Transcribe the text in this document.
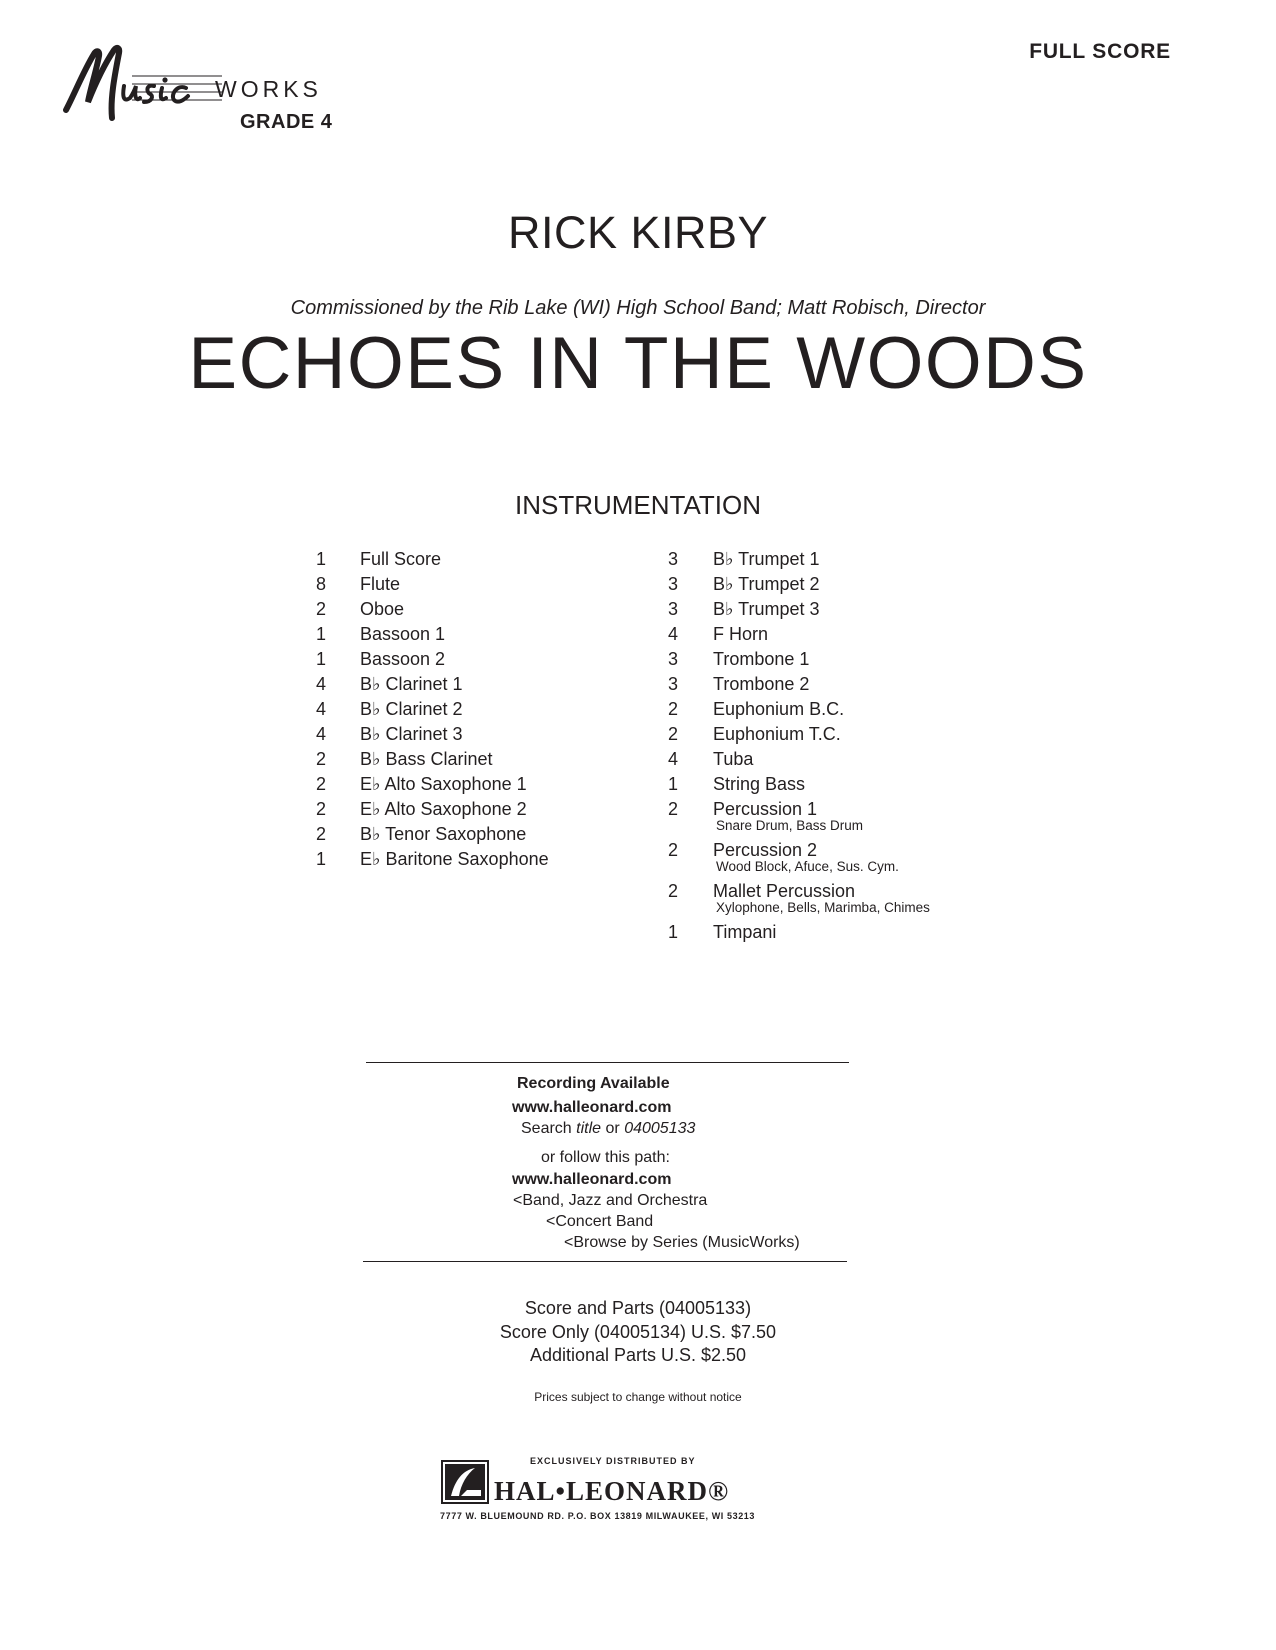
WORKS
GRADE 4
FULL SCORE
RICK KIRBY
Commissioned by the Rib Lake (WI) High School Band; Matt Robisch, Director
ECHOES IN THE WOODS
INSTRUMENTATION
1	Full Score
8	Flute
2	Oboe
1	Bassoon 1
1	Bassoon 2
4	B♭ Clarinet 1
4	B♭ Clarinet 2
4	B♭ Clarinet 3
2	B♭ Bass Clarinet
2	E♭ Alto Saxophone 1
2	E♭ Alto Saxophone 2
2	B♭ Tenor Saxophone
1	E♭ Baritone Saxophone
3	B♭ Trumpet 1
3	B♭ Trumpet 2
3	B♭ Trumpet 3
4	F Horn
3	Trombone 1
3	Trombone 2
2	Euphonium B.C.
2	Euphonium T.C.
4	Tuba
1	String Bass
2	Percussion 1
Snare Drum, Bass Drum
2	Percussion 2
Wood Block, Afuce, Sus. Cym.
2	Mallet Percussion
Xylophone, Bells, Marimba, Chimes
1	Timpani
Recording Available
www.halleonard.com
Search title or 04005133
or follow this path:
www.halleonard.com
<Band, Jazz and Orchestra
<Concert Band
<Browse by Series (MusicWorks)
Score and Parts (04005133)
Score Only (04005134) U.S. $7.50
Additional Parts U.S. $2.50
Prices subject to change without notice
EXCLUSIVELY DISTRIBUTED BY
HAL•LEONARD®
7777 W. BLUEMOUND RD. P.O. BOX 13819 MILWAUKEE, WI 53213
